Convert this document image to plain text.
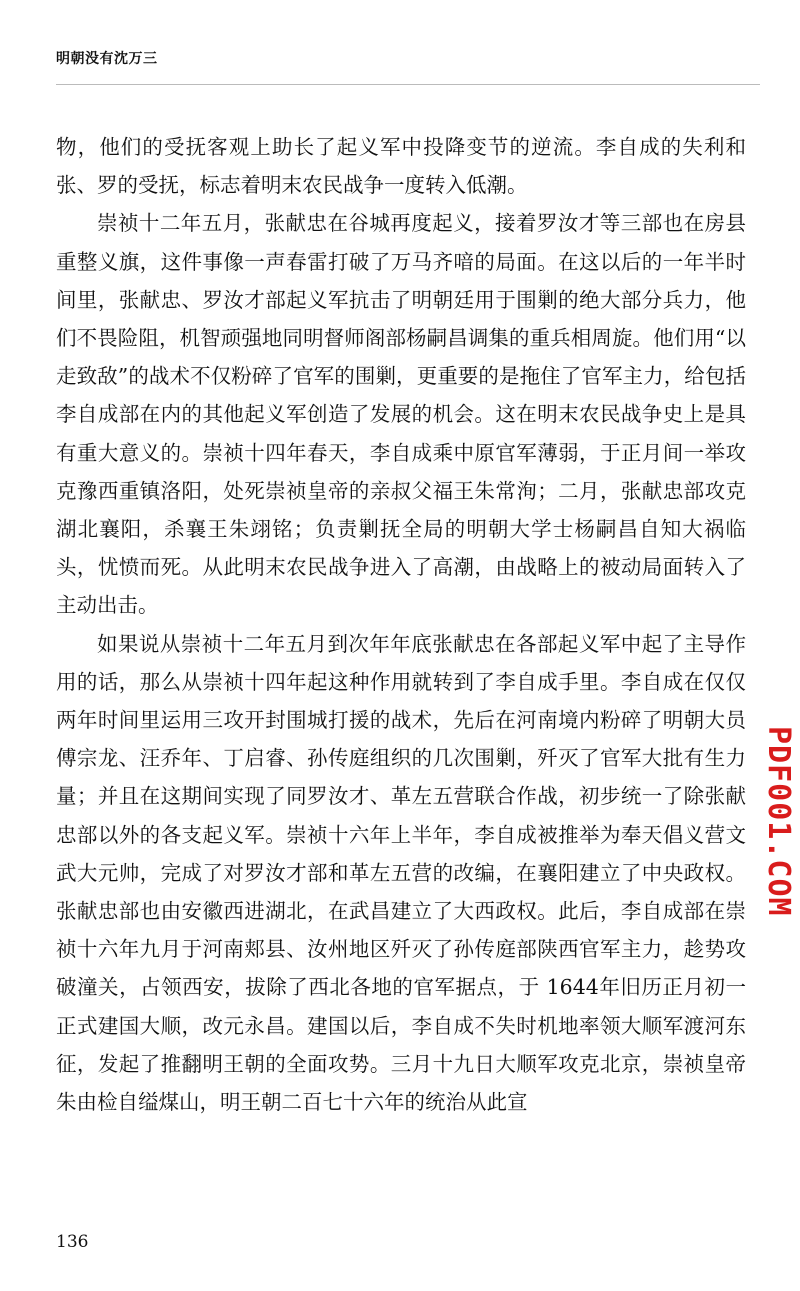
明朝没有沈万三

物，他们的受抚客观上助长了起义军中投降变节的逆流。李自成的失利和张、罗的受抚，标志着明末农民战争一度转入低潮。

崇祯十二年五月，张献忠在谷城再度起义，接着罗汝才等三部也在房县重整义旗，这件事像一声春雷打破了万马齐喑的局面。在这以后的一年半时间里，张献忠、罗汝才部起义军抗击了明朝廷用于围剿的绝大部分兵力，他们不畏险阻，机智顽强地同明督师阁部杨嗣昌调集的重兵相周旋。他们用“以走致敌”的战术不仅粉碎了官军的围剿，更重要的是拖住了官军主力，给包括李自成部在内的其他起义军创造了发展的机会。这在明末农民战争史上是具有重大意义的。崇祯十四年春天，李自成乘中原官军薄弱，于正月间一举攻克豫西重镇洛阳，处死崇祯皇帝的亲叔父福王朱常洵；二月，张献忠部攻克湖北襄阳，杀襄王朱翊铭；负责剿抚全局的明朝大学士杨嗣昌自知大祸临头，忧愤而死。从此明末农民战争进入了高潮，由战略上的被动局面转入了主动出击。

如果说从崇祯十二年五月到次年年底张献忠在各部起义军中起了主导作用的话，那么从崇祯十四年起这种作用就转到了李自成手里。李自成在仅仅两年时间里运用三攻开封围城打援的战术，先后在河南境内粉碎了明朝大员傅宗龙、汪乔年、丁启睿、孙传庭组织的几次围剿，歼灭了官军大批有生力量；并且在这期间实现了同罗汝才、革左五营联合作战，初步统一了除张献忠部以外的各支起义军。崇祯十六年上半年，李自成被推举为奉天倡义营文武大元帅，完成了对罗汝才部和革左五营的改编，在襄阳建立了中央政权。张献忠部也由安徽西进湖北，在武昌建立了大西政权。此后，李自成部在崇祯十六年九月于河南郏县、汝州地区歼灭了孙传庭部陕西官军主力，趁势攻破潼关，占领西安，拔除了西北各地的官军据点，于 1644年旧历正月初一正式建国大顺，改元永昌。建国以后，李自成不失时机地率领大顺军渡河东征，发起了推翻明王朝的全面攻势。三月十九日大顺军攻克北京，崇祯皇帝朱由检自缢煤山，明王朝二百七十六年的统治从此宣

PDF001.COM
136
